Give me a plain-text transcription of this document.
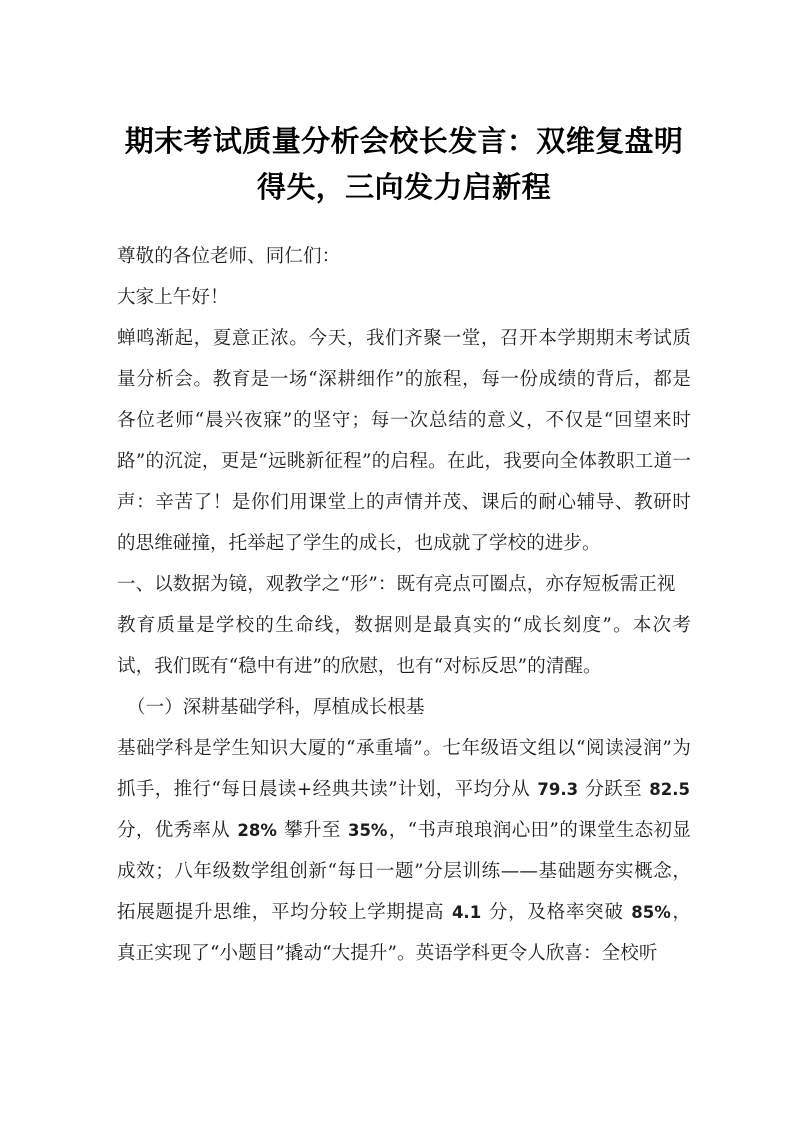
期末考试质量分析会校长发言：双维复盘明
得失，三向发力启新程

尊敬的各位老师、同仁们：

大家上午好！

蝉鸣渐起，夏意正浓。今天，我们齐聚一堂，召开本学期期末考试质量分析会。教育是一场“深耕细作”的旅程，每一份成绩的背后，都是各位老师“晨兴夜寐”的坚守；每一次总结的意义，不仅是“回望来时路”的沉淀，更是“远眺新征程”的启程。在此，我要向全体教职工道一声：辛苦了！是你们用课堂上的声情并茂、课后的耐心辅导、教研时的思维碰撞，托举起了学生的成长，也成就了学校的进步。

一、以数据为镜，观教学之“形”：既有亮点可圈点，亦存短板需正视

教育质量是学校的生命线，数据则是最真实的“成长刻度”。本次考试，我们既有“稳中有进”的欣慰，也有“对标反思”的清醒。

（一）深耕基础学科，厚植成长根基

基础学科是学生知识大厦的“承重墙”。七年级语文组以“阅读浸润”为抓手，推行“每日晨读+经典共读”计划，平均分从 79.3 分跃至 82.5 分，优秀率从 28% 攀升至 35%，“书声琅琅润心田”的课堂生态初显成效；八年级数学组创新“每日一题”分层训练——基础题夯实概念，拓展题提升思维，平均分较上学期提高 4.1 分，及格率突破 85%，真正实现了“小题目”撬动“大提升”。英语学科更令人欣喜：全校听
